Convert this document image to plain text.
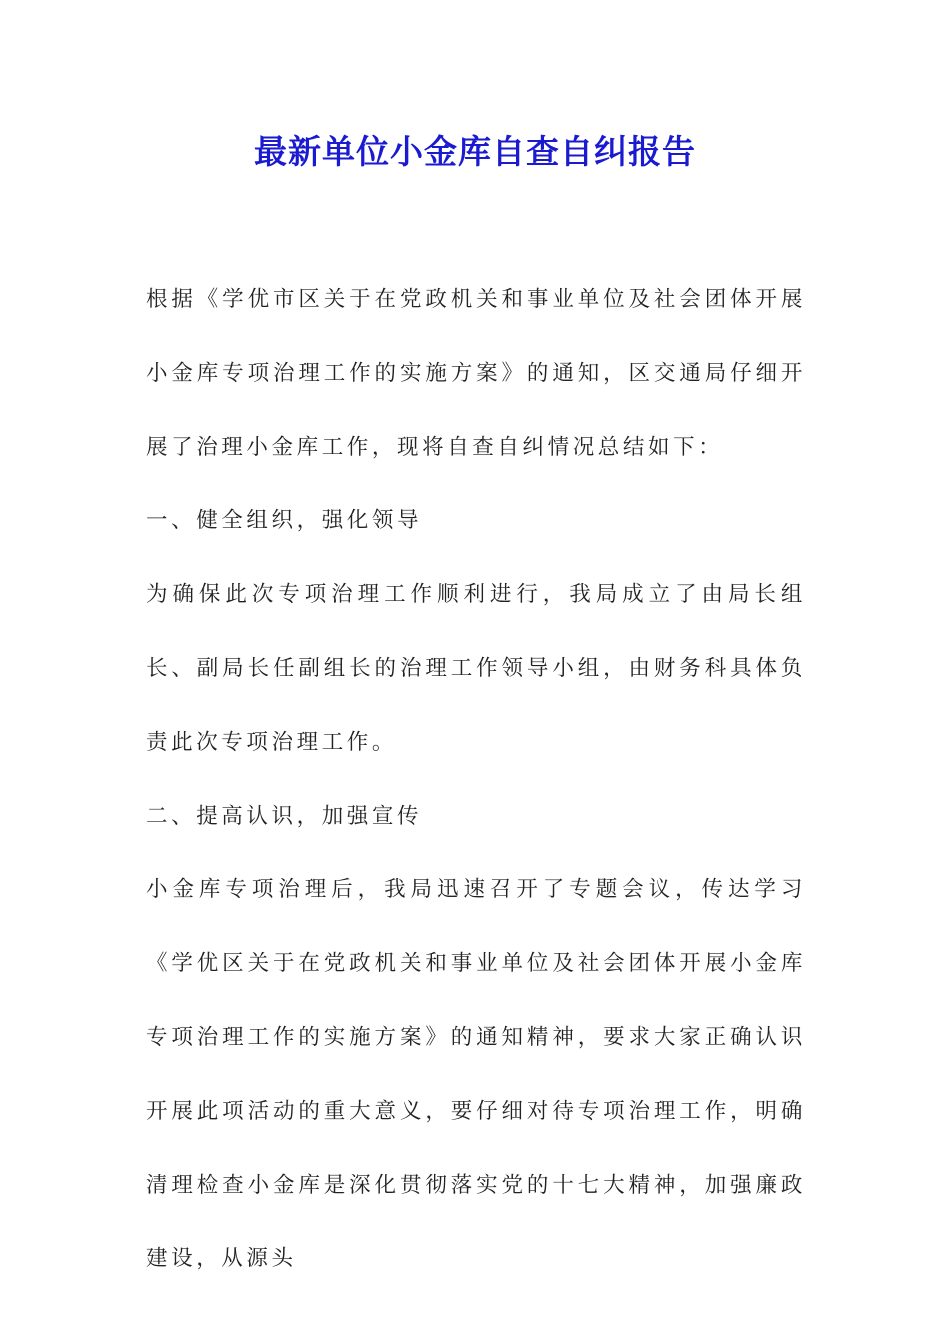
最新单位小金库自查自纠报告

根据《学优市区关于在党政机关和事业单位及社会团体开展小金库专项治理工作的实施方案》的通知，区交通局仔细开展了治理小金库工作，现将自查自纠情况总结如下：

一、健全组织，强化领导

为确保此次专项治理工作顺利进行，我局成立了由局长组长、副局长任副组长的治理工作领导小组，由财务科具体负责此次专项治理工作。

二、提高认识，加强宣传

小金库专项治理后，我局迅速召开了专题会议，传达学习《学优区关于在党政机关和事业单位及社会团体开展小金库专项治理工作的实施方案》的通知精神，要求大家正确认识开展此项活动的重大意义，要仔细对待专项治理工作，明确清理检查小金库是深化贯彻落实党的十七大精神，加强廉政建设，从源头
